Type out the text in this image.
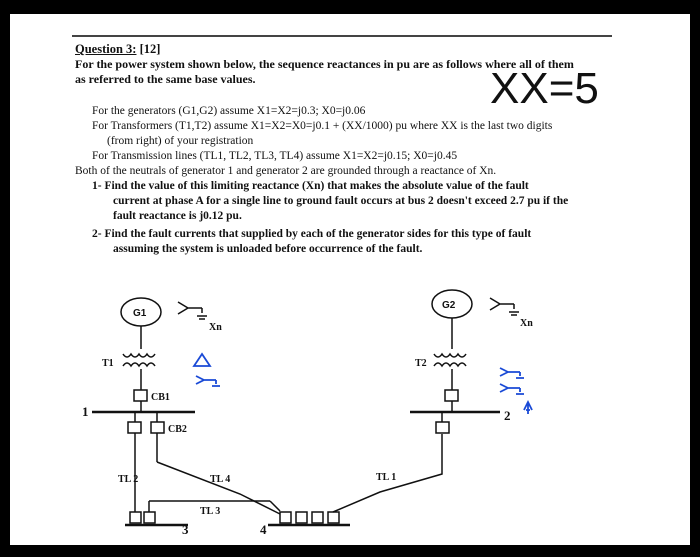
Question 3: [12]
For the power system shown below, the sequence reactances in pu are as follows where all of them
as referred to the same base values.	XX=5
For the generators (G1,G2) assume X1=X2=j0.3; X0=j0.06
For Transformers (T1,T2) assume X1=X2=X0=j0.1 + (XX/1000) pu where XX is the last two digits
(from right) of your registration
For Transmission lines (TL1, TL2, TL3, TL4) assume X1=X2=j0.15; X0=j0.45
Both of the neutrals of generator 1 and generator 2 are grounded through a reactance of Xn.
1- Find the value of this limiting reactance (Xn) that makes the absolute value of the fault
current at phase A for a single line to ground fault occurs at bus 2 doesn't exceed 2.7 pu if the
fault reactance is j0.12 pu.
2- Find the fault currents that supplied by each of the generator sides for this type of fault
assuming the system is unloaded before occurrence of the fault.
G1
G2
Xn	Xn
T1	T2
CB1
CB2
1	2
3	4
TL 2	TL 4
TL 3
TL 1
